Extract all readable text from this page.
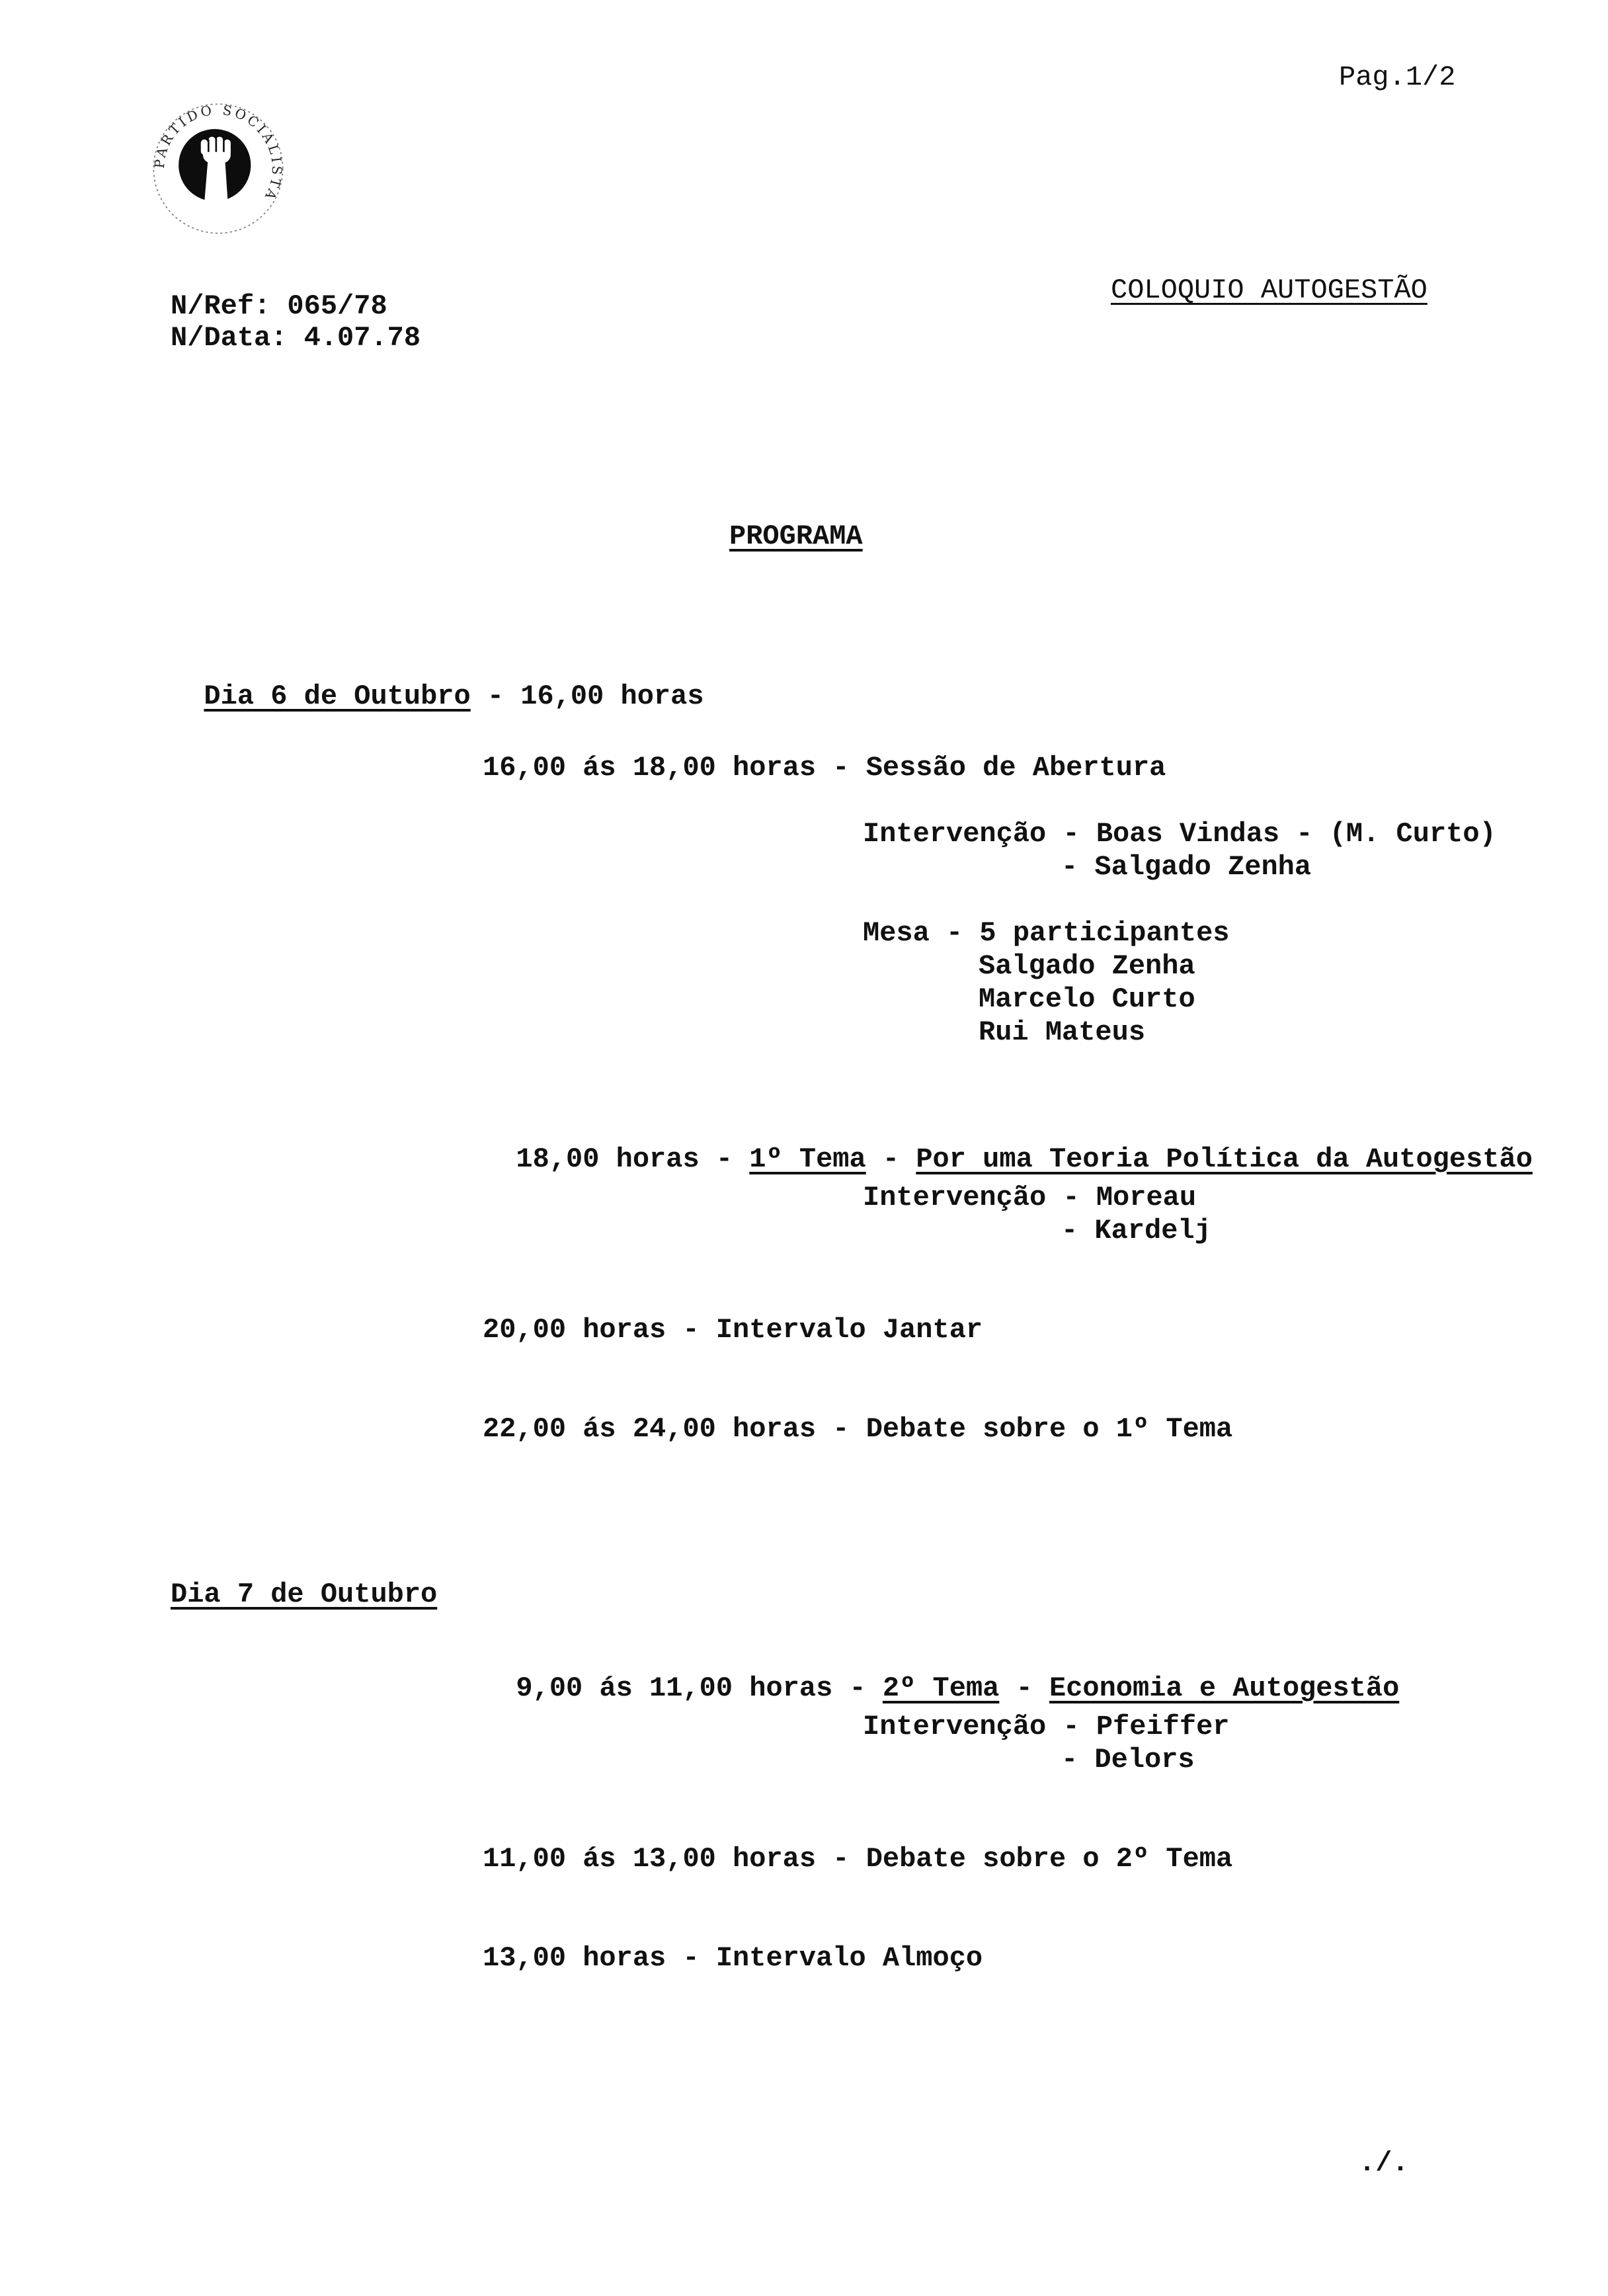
PARTIDO SOCIALISTA
Pag.1/2
N/Ref: 065/78
N/Data: 4.07.78
COLOQUIO AUTOGESTÃO
PROGRAMA

Dia 6 de Outubro - 16,00 horas

16,00 ás 18,00 horas - Sessão de Abertura
Intervenção - Boas Vindas - (M. Curto)
- Salgado Zenha
Mesa - 5 participantes
Salgado Zenha
Marcelo Curto
Rui Mateus

18,00 horas - 1º Tema - Por uma Teoria Política da Autogestão

Intervenção - Moreau
- Kardelj
20,00 horas - Intervalo Jantar
22,00 ás 24,00 horas - Debate sobre o 1º Tema
Dia 7 de Outubro

9,00 ás 11,00 horas - 2º Tema - Economia e Autogestão

Intervenção - Pfeiffer
- Delors
11,00 ás 13,00 horas - Debate sobre o 2º Tema
13,00 horas - Intervalo Almoço
./.
